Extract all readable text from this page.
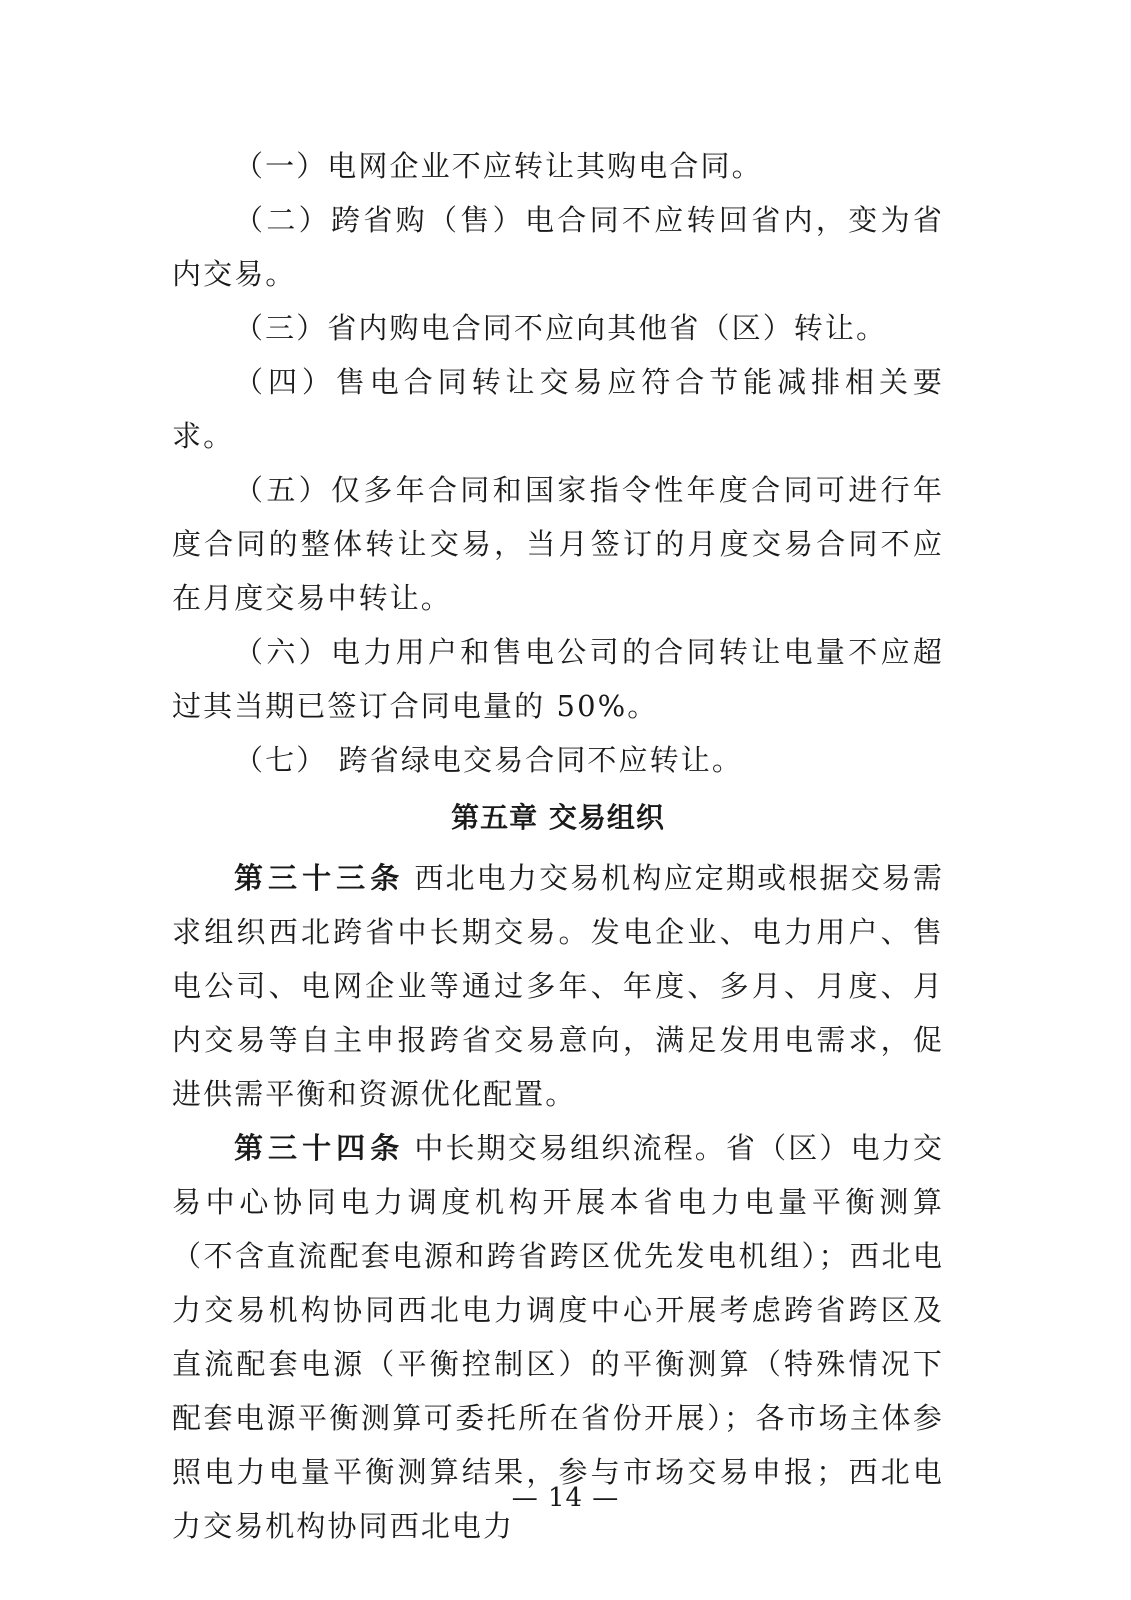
（一）电网企业不应转让其购电合同。

（二）跨省购（售）电合同不应转回省内，变为省内交易。

（三）省内购电合同不应向其他省（区）转让。

（四）售电合同转让交易应符合节能减排相关要求。

（五）仅多年合同和国家指令性年度合同可进行年度合同的整体转让交易，当月签订的月度交易合同不应在月度交易中转让。

（六）电力用户和售电公司的合同转让电量不应超过其当期已签订合同电量的 50%。

（七） 跨省绿电交易合同不应转让。

第五章 交易组织

第三十三条 西北电力交易机构应定期或根据交易需求组织西北跨省中长期交易。发电企业、电力用户、售电公司、电网企业等通过多年、年度、多月、月度、月内交易等自主申报跨省交易意向，满足发用电需求，促进供需平衡和资源优化配置。

第三十四条 中长期交易组织流程。省（区）电力交易中心协同电力调度机构开展本省电力电量平衡测算（不含直流配套电源和跨省跨区优先发电机组）；西北电力交易机构协同西北电力调度中心开展考虑跨省跨区及直流配套电源（平衡控制区）的平衡测算（特殊情况下配套电源平衡测算可委托所在省份开展）；各市场主体参照电力电量平衡测算结果，参与市场交易申报；西北电力交易机构协同西北电力

— 14 —
